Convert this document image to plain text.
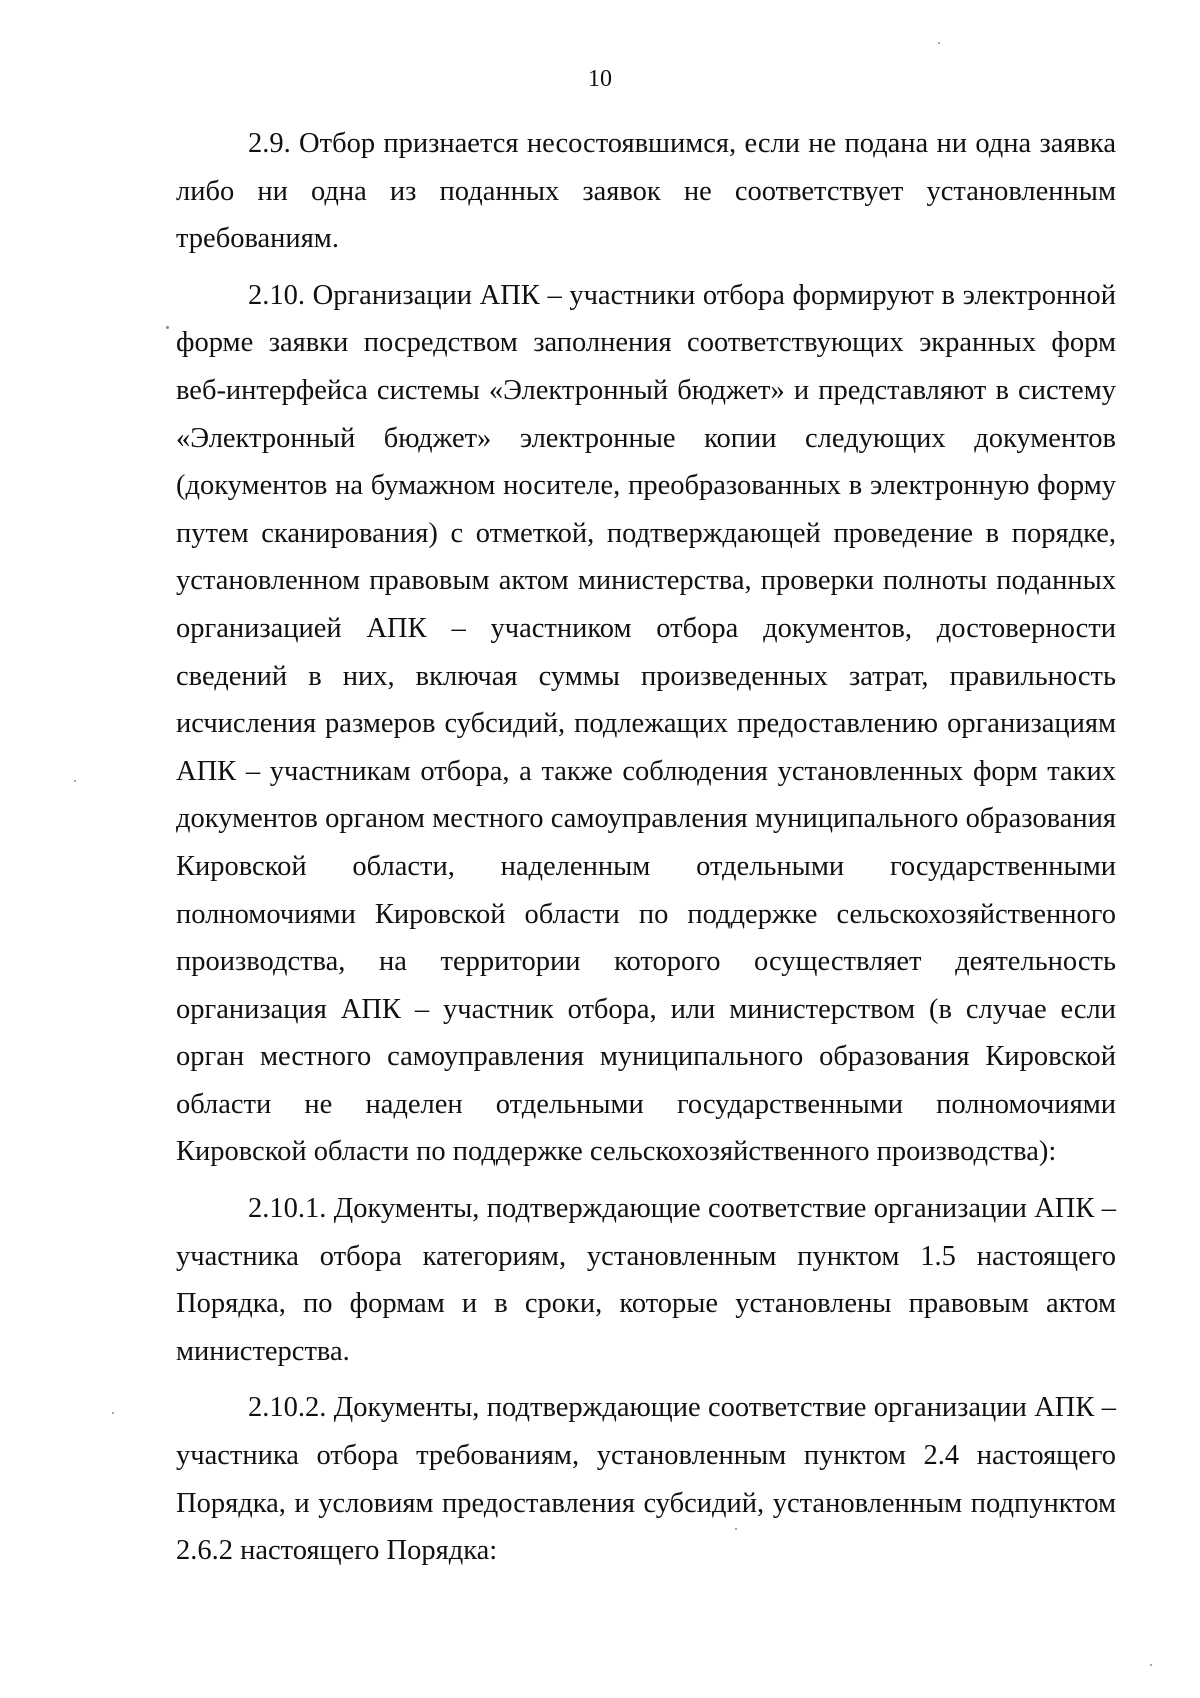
10

2.9. Отбор признается несостоявшимся, если не подана ни одна заявка либо ни одна из поданных заявок не соответствует установленным требованиям.

2.10. Организации АПК – участники отбора формируют в электронной форме заявки посредством заполнения соответствующих экранных форм веб-интерфейса системы «Электронный бюджет» и представляют в систему «Электронный бюджет» электронные копии следующих документов (документов на бумажном носителе, преобразованных в электронную форму путем сканирования) с отметкой, подтверждающей проведение в порядке, установленном правовым актом министерства, проверки полноты поданных организацией АПК – участником отбора документов, достоверности сведений в них, включая суммы произведенных затрат, правильность исчисления размеров субсидий, подлежащих предоставлению организациям АПК – участникам отбора, а также соблюдения установленных форм таких документов органом местного самоуправления муниципального образования Кировской области, наделенным отдельными государственными полномочиями Кировской области по поддержке сельскохозяйственного производства, на территории которого осуществляет деятельность организация АПК – участник отбора, или министерством (в случае если орган местного самоуправления муниципального образования Кировской области не наделен отдельными государственными полномочиями Кировской области по поддержке сельскохозяйственного производства):

2.10.1. Документы, подтверждающие соответствие организации АПК – участника отбора категориям, установленным пунктом 1.5 настоящего Порядка, по формам и в сроки, которые установлены правовым актом министерства.

2.10.2. Документы, подтверждающие соответствие организации АПК – участника отбора требованиям, установленным пунктом 2.4 настоящего Порядка, и условиям предоставления субсидий, установленным подпунктом 2.6.2 настоящего Порядка:
